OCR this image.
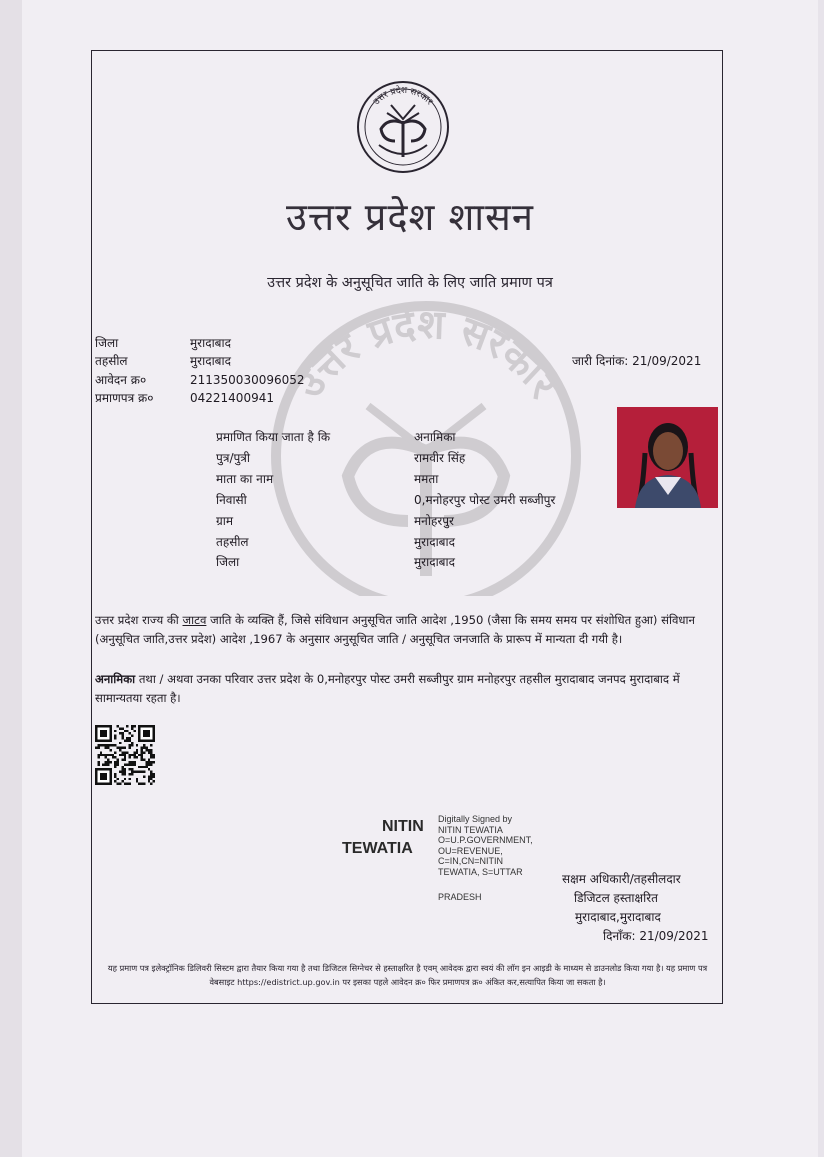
उत्तर प्रदेश सरकार
उत्तर प्रदेश सरकार
उत्तर प्रदेश शासन
उत्तर प्रदेश के अनुसूचित जाति के लिए जाति प्रमाण पत्र
जिला	मुरादाबाद
तहसील	मुरादाबाद
आवेदन क्र०	211350030096052
प्रमाणपत्र क्र०	04221400941
जारी दिनांक: 21/09/2021
प्रमाणित किया जाता है कि	अनामिका
पुत्र/पुत्री	रामवीर सिंह
माता का नाम	ममता
निवासी	0,मनोहरपुर पोस्ट उमरी सब्जीपुर
ग्राम	मनोहरपुर
तहसील	मुरादाबाद
जिला	मुरादाबाद
उत्तर प्रदेश राज्य की जाटव जाति के व्यक्ति हैं, जिसे संविधान अनुसूचित जाति आदेश ,1950 (जैसा कि समय समय पर संशोधित हुआ) संविधान (अनुसूचित जाति,उत्तर प्रदेश) आदेश ,1967 के अनुसार अनुसूचित जाति / अनुसूचित जनजाति के प्रारूप में मान्यता दी गयी है।
अनामिका तथा / अथवा उनका परिवार उत्तर प्रदेश के 0,मनोहरपुर पोस्ट उमरी सब्जीपुर ग्राम मनोहरपुर तहसील मुरादाबाद जनपद मुरादाबाद में सामान्यतया रहता है।
NITIN
TEWATIA
Digitally Signed by
NITIN TEWATIA
O=U.P.GOVERNMENT,
OU=REVENUE,
C=IN,CN=NITIN
TEWATIA, S=UTTAR
PRADESH
सक्षम अधिकारी/तहसीलदार
डिजिटल हस्ताक्षरित
मुरादाबाद,मुरादाबाद
दिनाँक: 21/09/2021
यह प्रमाण पत्र इलेक्ट्रॉनिक डिलिवरी सिस्टम द्वारा तैयार किया गया है तथा डिजिटल सिग्नेचर से हस्ताक्षरित है एवम् आवेदक द्वारा स्वयं की लॉग इन आइडी के माध्यम से डाउनलोड किया गया है। यह प्रमाण पत्र वेबसाइट https://edistrict.up.gov.in पर इसका पहले आवेदन क्र० फिर प्रमाणपत्र क्र० अंकित कर,सत्यापित किया जा सकता है।
